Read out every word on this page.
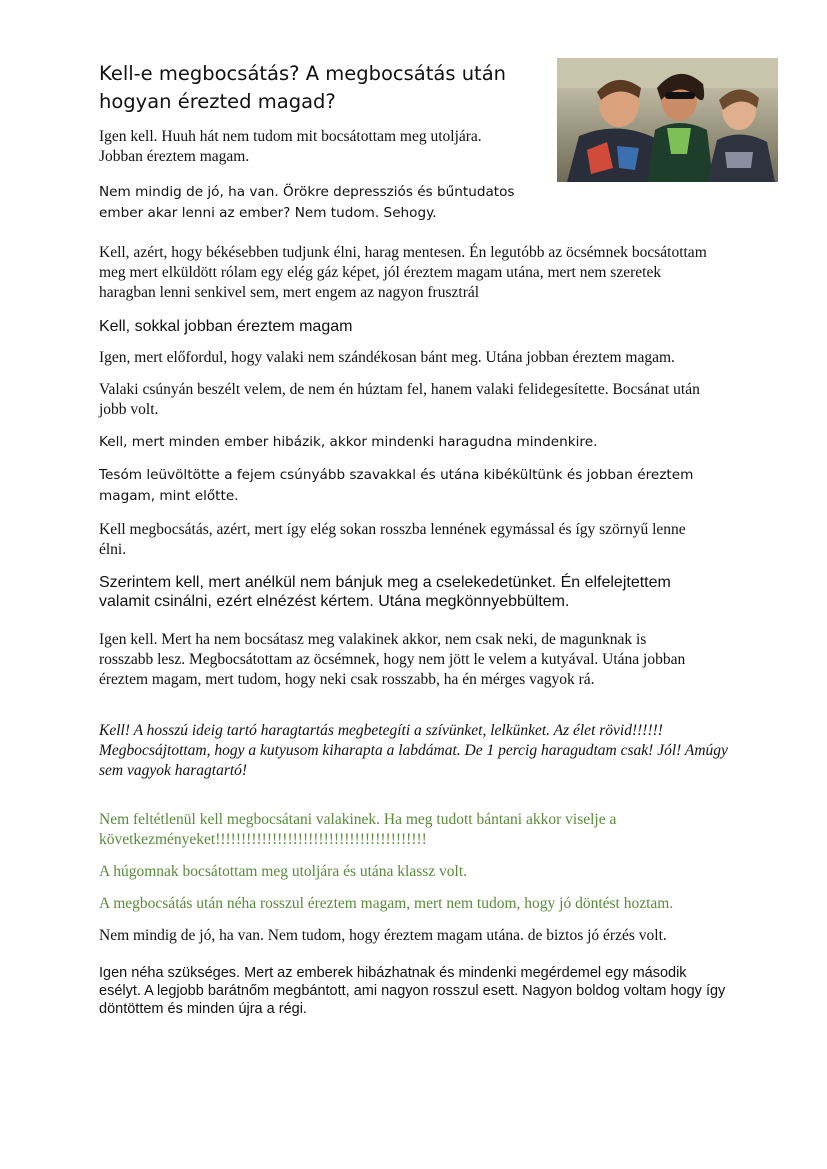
Kell-e megbocsátás? A megbocsátás után hogyan érezted magad?

Igen kell. Huuh hát nem tudom mit bocsátottam meg utoljára. Jobban éreztem magam.

Nem mindig de jó, ha van. Örökre depressziós és bűntudatos ember akar lenni az ember? Nem tudom. Sehogy.

Kell, azért, hogy békésebben tudjunk élni, harag mentesen. Én legutóbb az öcsémnek bocsátottam meg mert elküldött rólam egy elég gáz képet, jól éreztem magam utána, mert nem szeretek haragban lenni senkivel sem, mert engem az nagyon frusztrál

Kell, sokkal jobban éreztem magam

Igen, mert előfordul, hogy valaki nem szándékosan bánt meg. Utána jobban éreztem magam.

Valaki csúnyán beszélt velem, de nem én húztam fel, hanem valaki felidegesítette. Bocsánat után jobb volt.

Kell, mert minden ember hibázik, akkor mindenki haragudna mindenkire.

Tesóm leüvöltötte a fejem csúnyább szavakkal és utána kibékültünk és jobban éreztem magam, mint előtte.

Kell megbocsátás, azért, mert így elég sokan rosszba lennének egymással és így szörnyű lenne élni.

Szerintem kell, mert anélkül nem bánjuk meg a cselekedetünket. Én elfelejtettem valamit csinálni, ezért elnézést kértem. Utána megkönnyebbültem.

Igen kell. Mert ha nem bocsátasz meg valakinek akkor, nem csak neki, de magunknak is rosszabb lesz. Megbocsátottam az öcsémnek, hogy nem jött le velem a kutyával. Utána jobban éreztem magam, mert tudom, hogy neki csak rosszabb, ha én mérges vagyok rá.

Kell! A hosszú ideig tartó haragtartás megbetegíti a szívünket, lelkünket. Az élet rövid!!!!!! Megbocsájtottam, hogy a kutyusom kiharapta a labdámat. De 1 percig haragudtam csak! Jól! Amúgy sem vagyok haragtartó!

Nem feltétlenül kell megbocsátani valakinek. Ha meg tudott bántani akkor viselje a következményeket!!!!!!!!!!!!!!!!!!!!!!!!!!!!!!!!!!!!!!!!!

A húgomnak bocsátottam meg utoljára és utána klassz volt.

A megbocsátás után néha rosszul éreztem magam, mert nem tudom, hogy jó döntést hoztam.

Nem mindig de jó, ha van. Nem tudom, hogy éreztem magam utána. de biztos jó érzés volt.

Igen néha szükséges. Mert az emberek hibázhatnak és mindenki megérdemel egy második esélyt. A legjobb barátnőm megbántott, ami nagyon rosszul esett. Nagyon boldog voltam hogy így döntöttem és minden újra a régi.
